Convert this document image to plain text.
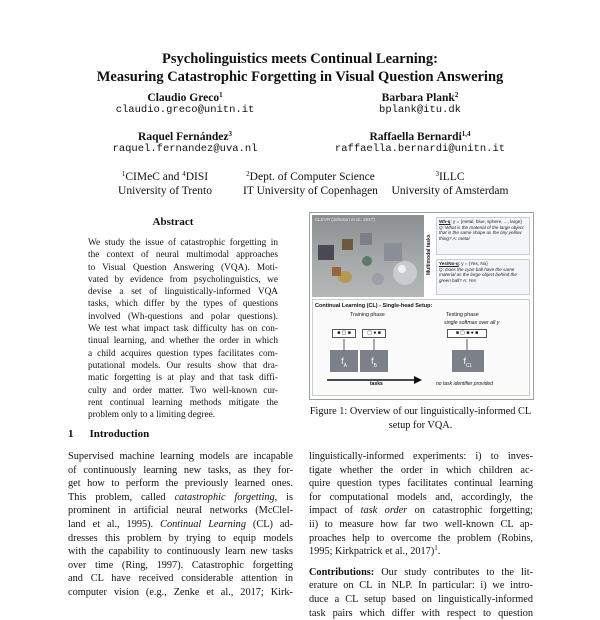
Psycholinguistics meets Continual Learning:
Measuring Catastrophic Forgetting in Visual Question Answering
Claudio Greco$^1$
claudio.greco@unitn.it
Barbara Plank$^2$
bplank@itu.dk
Raquel Fernández$^3$
raquel.fernandez@uva.nl
Raffaella Bernardi$^{1,4}$
raffaella.bernardi@unitn.it
$^1$CIMeC and $^4$DISI
University of Trento
$^2$Dept. of Computer Science
IT University of Copenhagen
$^3$ILLC
University of Amsterdam
Abstract
We study the issue of catastrophic forgetting in
the context of neural multimodal approaches
to Visual Question Answering (VQA). Moti-
vated by evidence from psycholinguistics, we
devise a set of linguistically-informed VQA
tasks, which differ by the types of questions
involved (Wh-questions and polar questions).
We test what impact task difficulty has on con-
tinual learning, and whether the order in which
a child acquires question types facilitates com-
putational models. Our results show that dra-
matic forgetting is at play and that task diffi-
culty and order matter. Two well-known cur-
rent continual learning methods mitigate the
problem only to a limiting degree.
1 Introduction
Supervised machine learning models are incapable
of continuously learning new tasks, as they for-
get how to perform the previously learned ones.
This problem, called catastrophic forgetting, is
prominent in artificial neural networks (McClel-
land et al., 1995). Continual Learning (CL) ad-
dresses this problem by trying to equip models
with the capability to continuously learn new tasks
over time (Ring, 1997). Catastrophic forgetting
and CL have received considerable attention in
computer vision (e.g., Zenke et al., 2017; Kirk-
CLEVR (Johnson et al., 2017)
Multimodal tasks
Wh-q: y = {metal, blue, sphere, ..., large}
Q: What is the material of the large object that is the same shape as the tiny yellow thing? A: metal
Yes/No-q: y = {Yes, No}
Q: Does the cyan ball have the same material as the large object behind the green ball? A: Yes
Continual Learning (CL) - Single-head Setup:
Training phase	Testing phase
single softmax over all y
■ ▢ ■	▢ ● ■	■ ▢ ■ ● ■
$f_A$	$f_B$	$f_{CL}$
tasks	no task identifier provided
Figure 1: Overview of our linguistically-informed CL
setup for VQA.
linguistically-informed experiments: i) to inves-
tigate whether the order in which children ac-
quire question types facilitates continual learning
for computational models and, accordingly, the
impact of task order on catastrophic forgetting;
ii) to measure how far two well-known CL ap-
proaches help to overcome the problem (Robins,
1995; Kirkpatrick et al., 2017)$^1$.
Contributions: Our study contributes to the lit-
erature on CL in NLP. In particular: i) we intro-
duce a CL setup based on linguistically-informed
task pairs which differ with respect to question
